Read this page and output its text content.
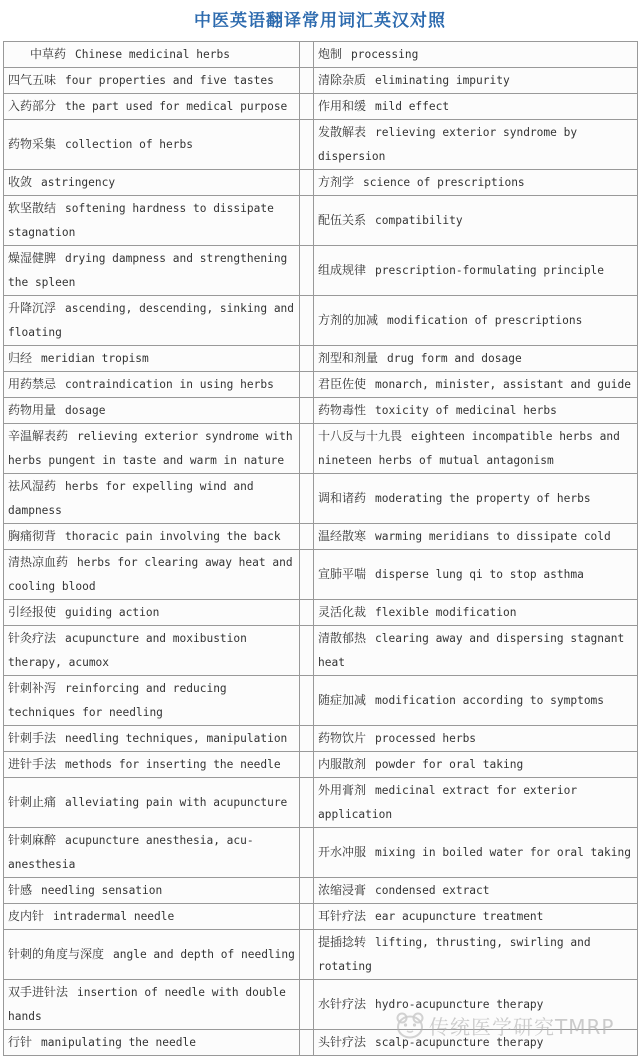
中医英语翻译常用词汇英汉对照
中草药 Chinese medicinal herbs		炮制 processing
四气五味 four properties and five tastes		清除杂质 eliminating impurity
入药部分 the part used for medical purpose		作用和缓 mild effect
药物采集 collection of herbs		发散解表 relieving exterior syndrome by dispersion
收敛 astringency		方剂学 science of prescriptions
软坚散结 softening hardness to dissipate stagnation		配伍关系 compatibility
燥湿健脾 drying dampness and strengthening the spleen		组成规律 prescription-formulating principle
升降沉浮 ascending, descending, sinking and floating		方剂的加减 modification of prescriptions
归经 meridian tropism		剂型和剂量 drug form and dosage
用药禁忌 contraindication in using herbs		君臣佐使 monarch, minister, assistant and guide
药物用量 dosage		药物毒性 toxicity of medicinal herbs
辛温解表药 relieving exterior syndrome with herbs pungent in taste and warm in nature		十八反与十九畏 eighteen incompatible herbs and nineteen herbs of mutual antagonism
祛风湿药 herbs for expelling wind and dampness		调和诸药 moderating the property of herbs
胸痛彻背 thoracic pain involving the back		温经散寒 warming meridians to dissipate cold
清热凉血药 herbs for clearing away heat and cooling blood		宣肺平喘 disperse lung qi to stop asthma
引经报使 guiding action		灵活化裁 flexible modification
针灸疗法 acupuncture and moxibustion therapy, acumox		清散郁热 clearing away and dispersing stagnant heat
针刺补泻 reinforcing and reducing techniques for needling		随症加减 modification according to symptoms
针刺手法 needling techniques, manipulation		药物饮片 processed herbs
进针手法 methods for inserting the needle		内服散剂 powder for oral taking
针刺止痛 alleviating pain with acupuncture		外用膏剂 medicinal extract for exterior application
针刺麻醉 acupuncture anesthesia, acu-anesthesia		开水冲服 mixing in boiled water for oral taking
针感 needling sensation		浓缩浸膏 condensed extract
皮内针 intradermal needle		耳针疗法 ear acupuncture treatment
针刺的角度与深度 angle and depth of needling		提插捻转 lifting, thrusting, swirling and rotating
双手进针法 insertion of needle with double hands		水针疗法 hydro-acupuncture therapy
行针 manipulating the needle		头针疗法 scalp-acupuncture therapy
传统医学研究TMRP
